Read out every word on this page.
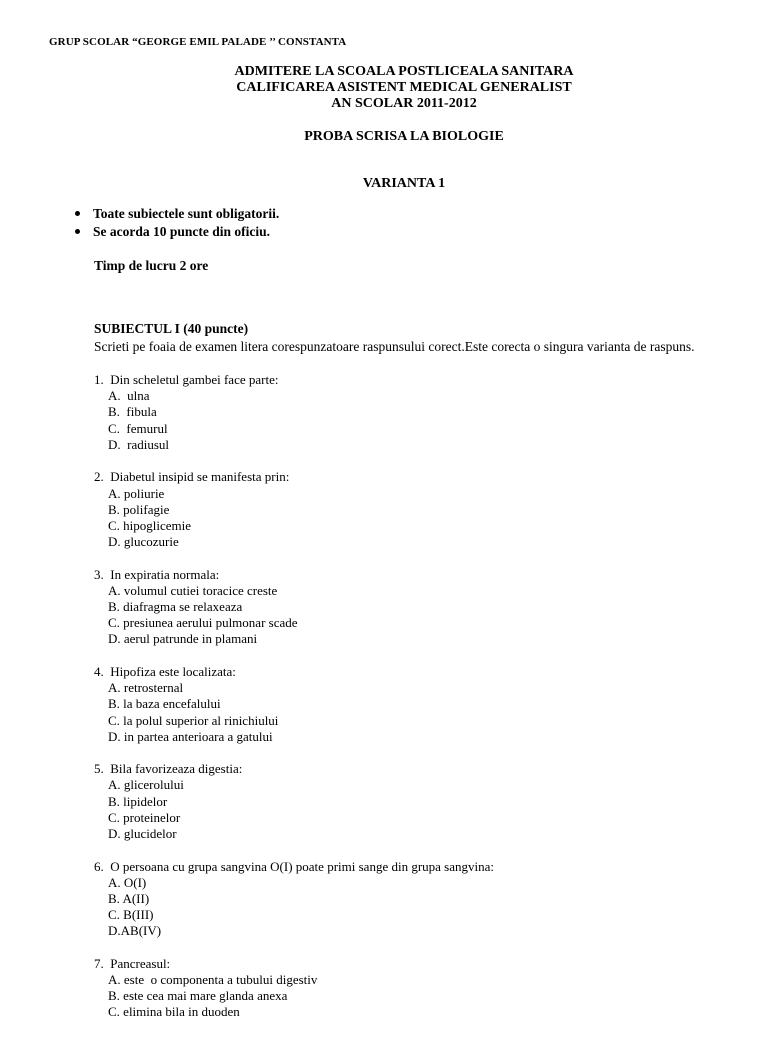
GRUP SCOLAR “GEORGE EMIL PALADE ’’ CONSTANTA
ADMITERE LA SCOALA POSTLICEALA SANITARA
CALIFICAREA ASISTENT MEDICAL GENERALIST
AN SCOLAR 2011-2012
PROBA SCRISA LA BIOLOGIE
VARIANTA 1
Toate subiectele sunt obligatorii.
Se acorda 10 puncte din oficiu.
Timp de lucru 2 ore
SUBIECTUL I (40 puncte)
Scrieti pe foaia de examen litera corespunzatoare raspunsului corect.Este corecta o singura varianta de raspuns.
1.  Din scheletul gambei face parte:
A.  ulna
B.  fibula
C.  femurul
D.  radiusul
2.  Diabetul insipid se manifesta prin:
A. poliurie
B. polifagie
C. hipoglicemie
D. glucozurie
3.  In expiratia normala:
A. volumul cutiei toracice creste
B. diafragma se relaxeaza
C. presiunea aerului pulmonar scade
D. aerul patrunde in plamani
4.  Hipofiza este localizata:
A. retrosternal
B. la baza encefalului
C. la polul superior al rinichiului
D. in partea anterioara a gatului
5.  Bila favorizeaza digestia:
A. glicerolului
B. lipidelor
C. proteinelor
D. glucidelor
6.  O persoana cu grupa sangvina O(I) poate primi sange din grupa sangvina:
A. O(I)
B. A(II)
C. B(III)
D.AB(IV)
7.  Pancreasul:
A. este  o componenta a tubului digestiv
B. este cea mai mare glanda anexa
C. elimina bila in duoden
